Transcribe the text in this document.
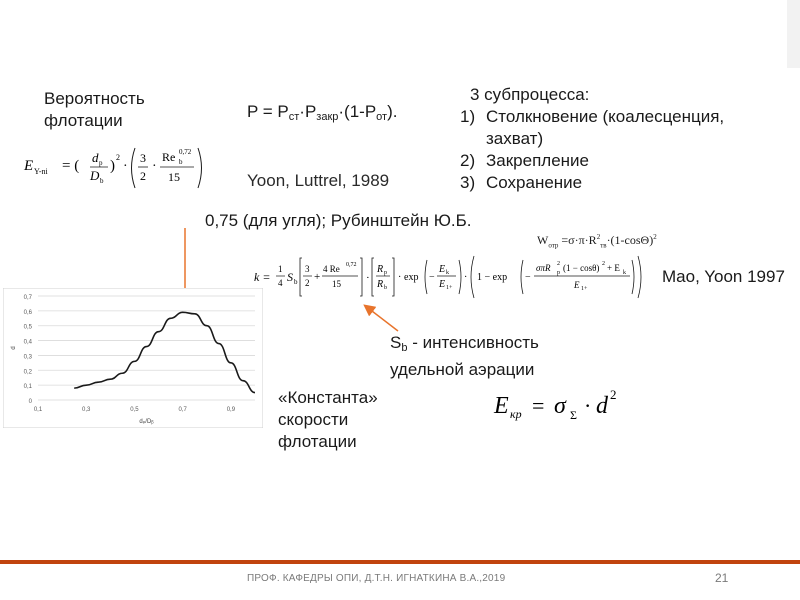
Вероятность флотации
E Y-ni = (
d p
D b
)
2
·
3
2
·
Re 0,72
b
15
$P = P_{ст}\cdot P_{закр}\cdot(1-P_{от})$.
Yoon, Luttrel, 1989
3 субпроцесса:
1) Столкновение (коалесценция, захват)
2) Закрепление
3) Сохранение
0,75 (для угля); Рубинштейн Ю.Б.
$W_{отр} =\sigma\cdot\pi\cdot R^2_{тв}\cdot(1-\cos\Theta)^2$
k =
1
4 S b
3
2 +
4 Re 0,72
15 ·
R p
R b
· exp −
E k
E 1+
· 1 − exp −
σπR 2
p (1 − cosθ) 2 + E k
E 1+
Mao, Yoon 1997
$S_b$ - интенсивность удельной аэрации
«Константа» скорости флотации
E кр = σ Σ · d 2
0
0,1
0,2
0,3
0,4
0,5
0,6
0,7
0,1	0,3	0,5	0,7	0,9
dₚ/Dᵦ
d
ПРОФ. КАФЕДРЫ ОПИ, Д.Т.Н. ИГНАТКИНА В.А.,2019	21
